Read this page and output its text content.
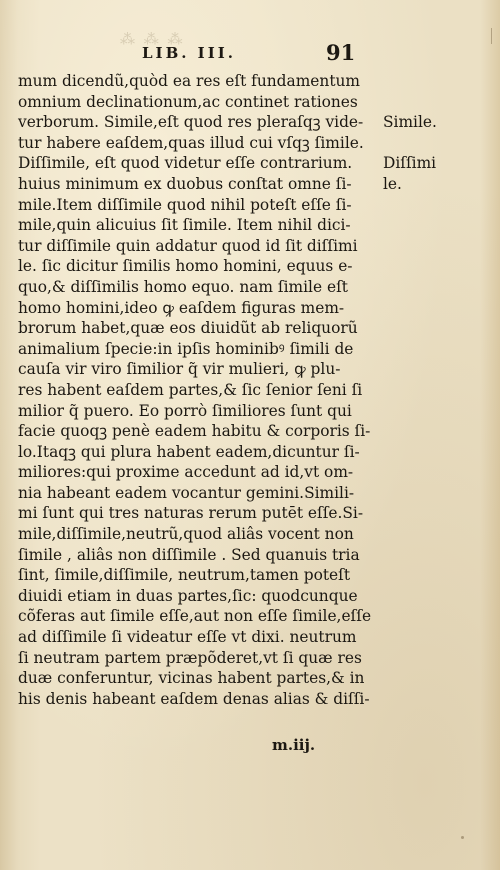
⁂ ⁂ ⁂
LIB. III.	91
mum dicendũ,quòd ea res eſt fundamentum
omnium declinationum,ac continet rationes
verborum. Simile,eſt quod res pleraſqꝫ vide-
tur habere eaſdem,quas illud cui vſqꝫ ſimile.
Diſſimile, eſt quod videtur eſſe contrarium.
huius minimum ex duobus conſtat omne ſi-
mile.Item diſſimile quod nihil poteſt eſſe ſi-
mile,quin alicuius ſit ſimile. Item nihil dici-
tur diſſimile quin addatur quod id ſit diſſimi
le. ſic dicitur ſimilis homo homini, equus e-
quo,& diſſimilis homo equo. nam ſimile eſt
homo homini,ideo ꝙ eaſdem figuras mem-
brorum habet,quæ eos diuidũt ab reliquorũ
animalium ſpecie:in ipſis hominibꝰ ſimili de
cauſa vir viro ſimilior q̃ vir mulieri, ꝙ plu-
res habent eaſdem partes,& ſic ſenior ſeni ſi
milior q̃ puero. Eo porrò ſimiliores ſunt qui
facie quoqꝫ penè eadem habitu & corporis ſi-
lo.Itaqꝫ qui plura habent eadem,dicuntur ſi-
miliores:qui proxime accedunt ad id,vt om-
nia habeant eadem vocantur gemini.Simili-
mi ſunt qui tres naturas rerum putēt eſſe.Si-
mile,diſſimile,neutrũ,quod aliâs vocent non
ſimile , aliâs non diſſimile . Sed quanuis tria
ſint, ſimile,diſſimile, neutrum,tamen poteſt
diuidi etiam in duas partes,ſic: quodcunque
cõferas aut ſimile eſſe,aut non eſſe ſimile,eſſe
ad diſſimile ſi videatur eſſe vt dixi. neutrum
ſi neutram partem præpõderet,vt ſi quæ res
duæ conferuntur, vicinas habent partes,& in
his denis habeant eaſdem denas alias & diſſi-
Simile.
Diſſimi
le.
m.iij.
